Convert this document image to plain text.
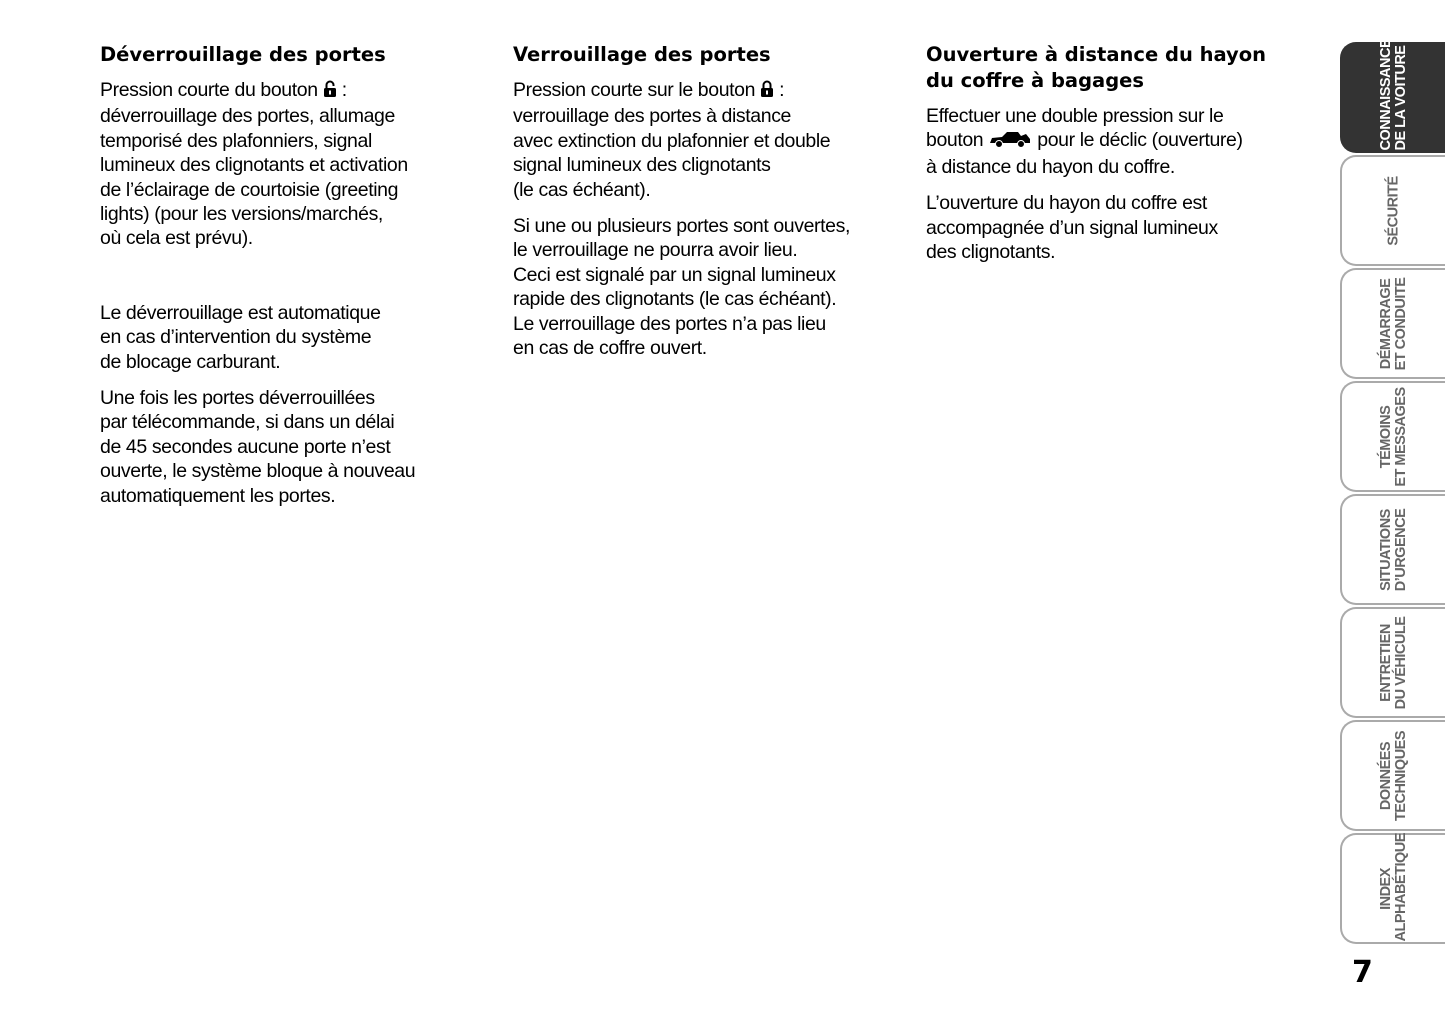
Déverrouillage des portes

Pression courte du bouton  :
déverrouillage des portes, allumage
temporisé des plafonniers, signal
lumineux des clignotants et activation
de l’éclairage de courtoisie (greeting
lights) (pour les versions/marchés,
où cela est prévu).

Le déverrouillage est automatique
en cas d’intervention du système
de blocage carburant.

Une fois les portes déverrouillées
par télécommande, si dans un délai
de 45 secondes aucune porte n’est
ouverte, le système bloque à nouveau
automatiquement les portes.

Verrouillage des portes

Pression courte sur le bouton  :
verrouillage des portes à distance
avec extinction du plafonnier et double
signal lumineux des clignotants
(le cas échéant).

Si une ou plusieurs portes sont ouvertes,
le verrouillage ne pourra avoir lieu.
Ceci est signalé par un signal lumineux
rapide des clignotants (le cas échéant).
Le verrouillage des portes n’a pas lieu
en cas de coffre ouvert.

Ouverture à distance du hayon
du coffre à bagages

Effectuer une double pression sur le
bouton	pour le déclic (ouverture)
à distance du hayon du coffre.

L’ouverture du hayon du coffre est
accompagnée d’un signal lumineux
des clignotants.

CONNAISSANCE
DE LA VOITURE
SÉCURITÉ
DÉMARRAGE
ET CONDUITE
TÉMOINS
ET MESSAGES
SITUATIONS
D’URGENCE
ENTRETIEN
DU VÉHICULE
DONNÉES
TECHNIQUES
INDEX
ALPHABÉTIQUE
7
